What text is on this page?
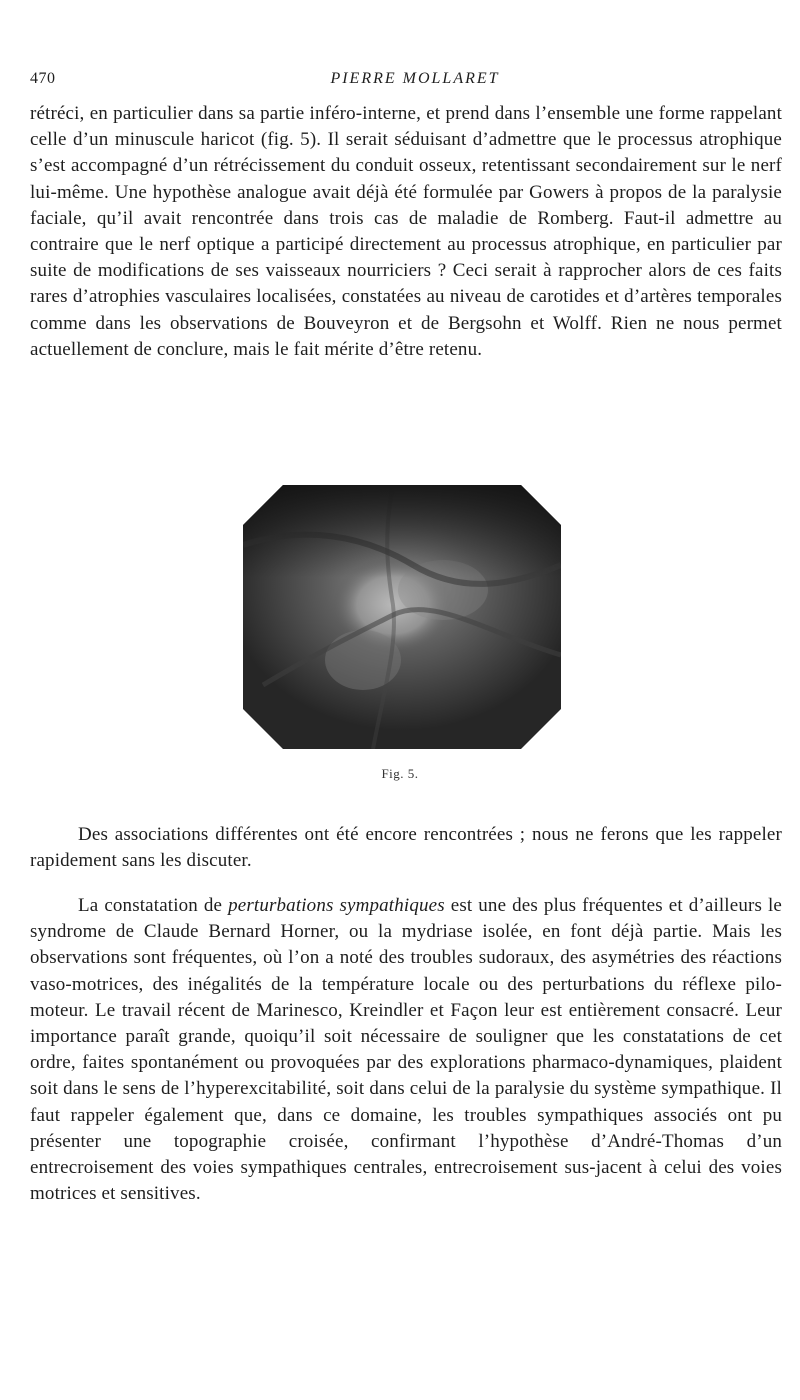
470	PIERRE MOLLARET

rétréci, en particulier dans sa partie inféro-interne, et prend dans l’ensemble une forme rappelant celle d’un minuscule haricot (fig. 5). Il serait séduisant d’admettre que le processus atrophique s’est accompagné d’un rétrécissement du conduit osseux, retentissant secondairement sur le nerf lui-même. Une hypothèse analogue avait déjà été formulée par Gowers à propos de la paralysie faciale, qu’il avait rencontrée dans trois cas de maladie de Romberg. Faut-il admettre au contraire que le nerf optique a participé directement au processus atrophique, en particulier par suite de modifications de ses vaisseaux nourriciers ? Ceci serait à rapprocher alors de ces faits rares d’atrophies vasculaires localisées, constatées au niveau de carotides et d’artères temporales comme dans les observations de Bouveyron et de Bergsohn et Wolff. Rien ne nous permet actuellement de conclure, mais le fait mérite d’être retenu.

Fig. 5.

Des associations différentes ont été encore rencontrées ; nous ne ferons que les rappeler rapidement sans les discuter.

La constatation de perturbations sympathiques est une des plus fréquentes et d’ailleurs le syndrome de Claude Bernard Horner, ou la mydriase isolée, en font déjà partie. Mais les observations sont fréquentes, où l’on a noté des troubles sudoraux, des asymétries des réactions vaso-motrices, des inégalités de la température locale ou des perturbations du réflexe pilo-moteur. Le travail récent de Marinesco, Kreindler et Façon leur est entièrement consacré. Leur importance paraît grande, quoiqu’il soit nécessaire de souligner que les constatations de cet ordre, faites spontanément ou provoquées par des explorations pharmaco-dynamiques, plaident soit dans le sens de l’hyperexcitabilité, soit dans celui de la paralysie du système sympathique. Il faut rappeler également que, dans ce domaine, les troubles sympathiques associés ont pu présenter une topographie croisée, confirmant l’hypothèse d’André-Thomas d’un entrecroisement des voies sympathiques centrales, entrecroisement sus-jacent à celui des voies motrices et sensitives.
